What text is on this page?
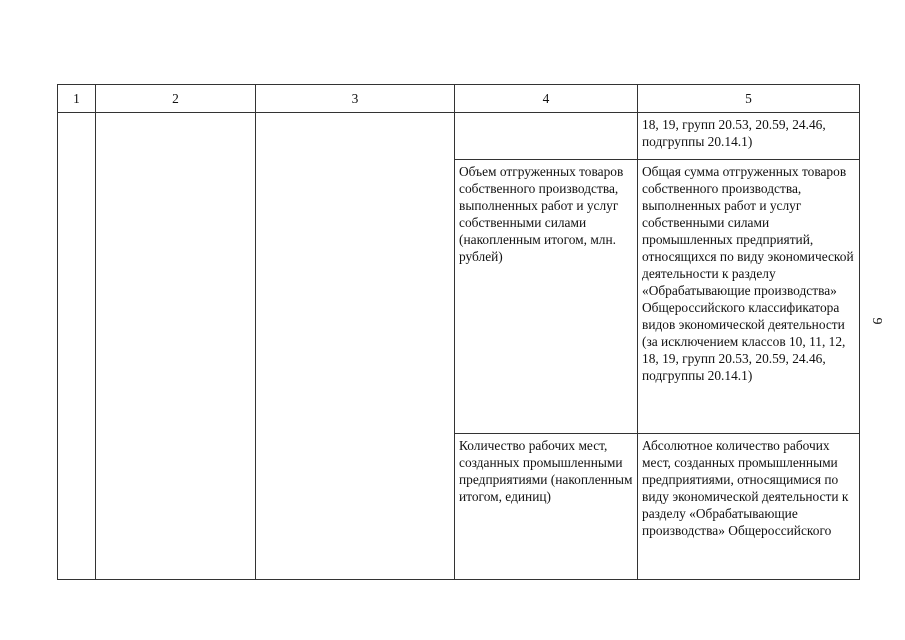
1	2	3	4	5

				18, 19, групп 20.53, 20.59, 24.46, подгруппы 20.14.1)

			Объем отгруженных товаров собственного производства, выполненных работ и услуг собственными силами (накопленным итогом, млн. рублей)	Общая сумма отгруженных товаров собственного производства, выполненных работ и услуг собственными силами промышленных предприятий, относящихся по виду экономической деятельности к разделу «Обрабатывающие производства» Общероссийского классификатора видов экономической деятельности (за исключением классов 10, 11, 12, 18, 19, групп 20.53, 20.59, 24.46, подгруппы 20.14.1)

			Количество рабочих мест, созданных промышленными предприятиями (накопленным итогом, единиц)	Абсолютное количество рабочих мест, созданных промышленными предприятиями, относящимися по виду экономической деятельности к разделу «Обрабатывающие производства» Общероссийского
9
